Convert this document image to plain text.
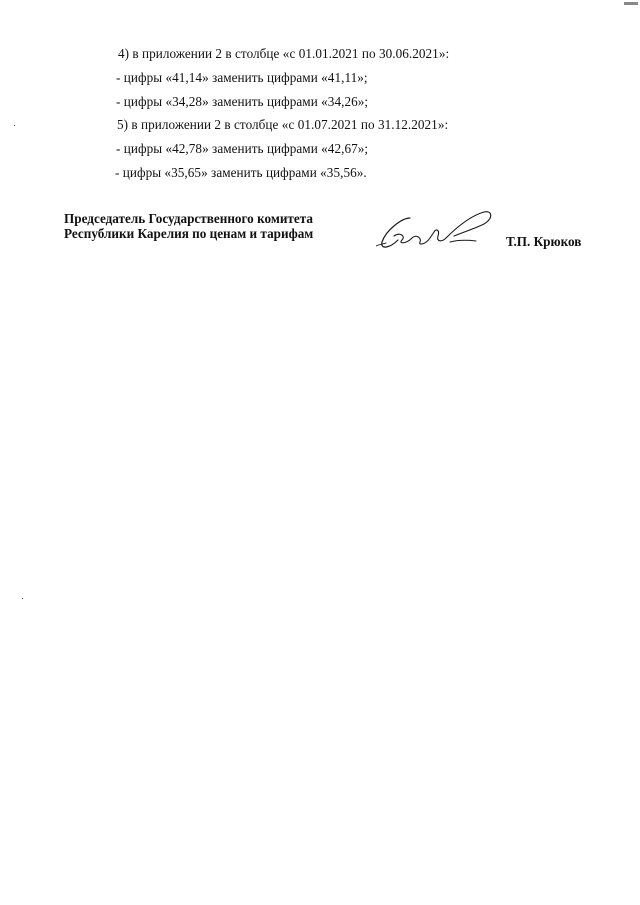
4) в приложении 2 в столбце «с 01.01.2021 по 30.06.2021»:
- цифры «41,14» заменить цифрами «41,11»;
- цифры «34,28» заменить цифрами «34,26»;
5) в приложении 2 в столбце «с 01.07.2021 по 31.12.2021»:
- цифры «42,78» заменить цифрами «42,67»;
- цифры «35,65» заменить цифрами «35,56».
Председатель Государственного комитета
Республики Карелия по ценам и тарифам
Т.П. Крюков
